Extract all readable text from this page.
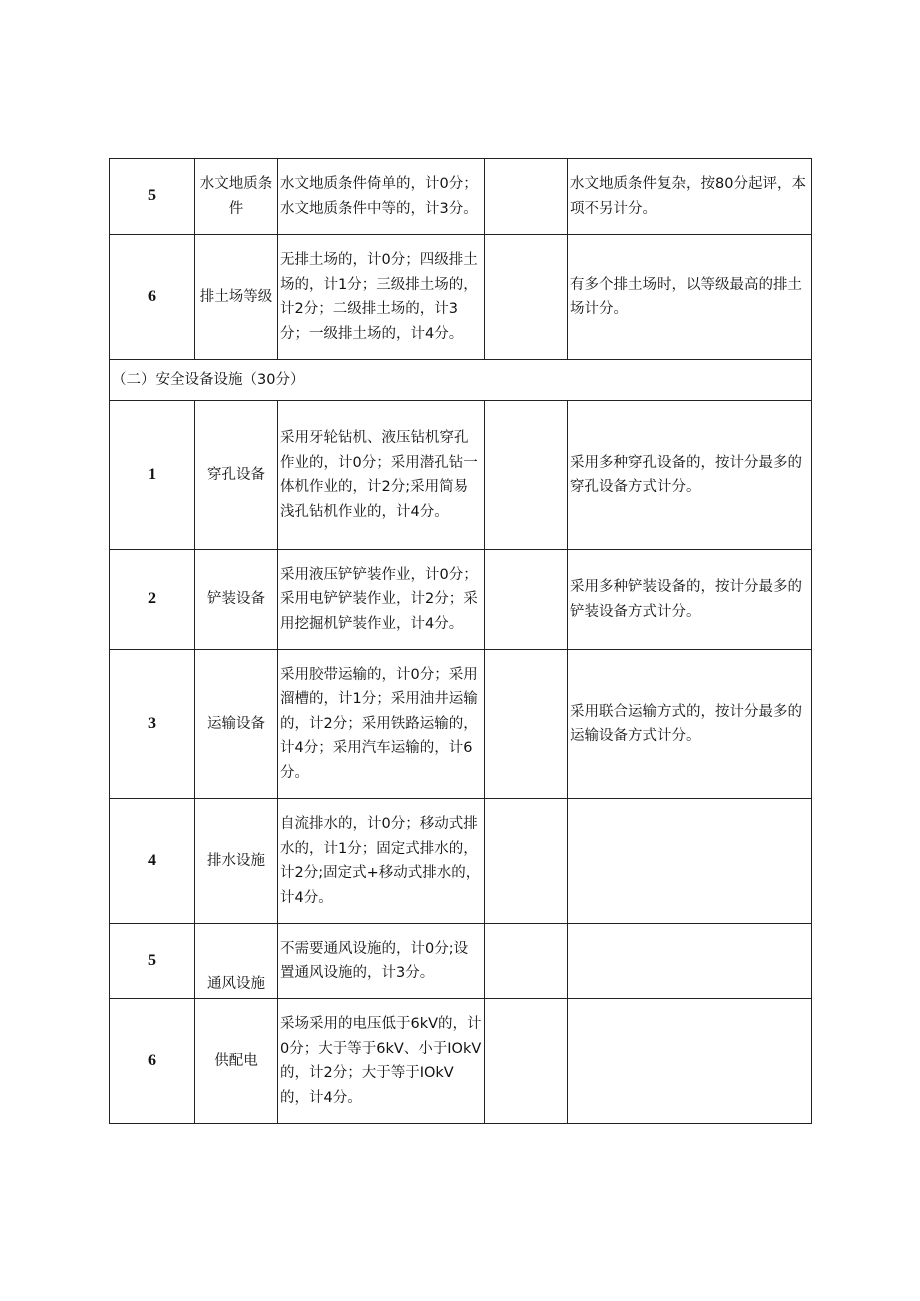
5	水文地质条件	水文地质条件倚单的，计0分；水文地质条件中等的，计3分。		水文地质条件复杂，按80分起评，本项不另计分。
6	排土场等级	无排土场的，计0分；四级排土场的，计1分；三级排土场的，计2分；二级排土场的，计3分；一级排土场的，计4分。		有多个排土场时，以等级最高的排土场计分。
（二）安全设备设施（30分）				
1	穿孔设备	采用牙轮钻机、液压钻机穿孔作业的，计0分；采用潜孔钻一体机作业的，计2分;采用简易浅孔钻机作业的，计4分。		采用多种穿孔设备的，按计分最多的穿孔设备方式计分。
2	铲装设备	采用液压铲铲装作业，计0分；采用电铲铲装作业，计2分；采用挖掘机铲装作业，计4分。		采用多种铲装设备的，按计分最多的铲装设备方式计分。
3	运输设备	采用胶带运输的，计0分；采用溜槽的，计1分；采用油井运输的，计2分；采用铁路运输的，计4分；采用汽车运输的，计6分。		采用联合运输方式的，按计分最多的运输设备方式计分。
4	排水设施	自流排水的，计0分；移动式排水的，计1分；固定式排水的，计2分;固定式+移动式排水的，计4分。		
5	通风设施	不需要通风设施的，计0分;设置通风设施的，计3分。		
6	供配电	采场采用的电压低于6kV的，计0分；大于等于6kV、小于IOkV的，计2分；大于等于IOkV的，计4分。		
